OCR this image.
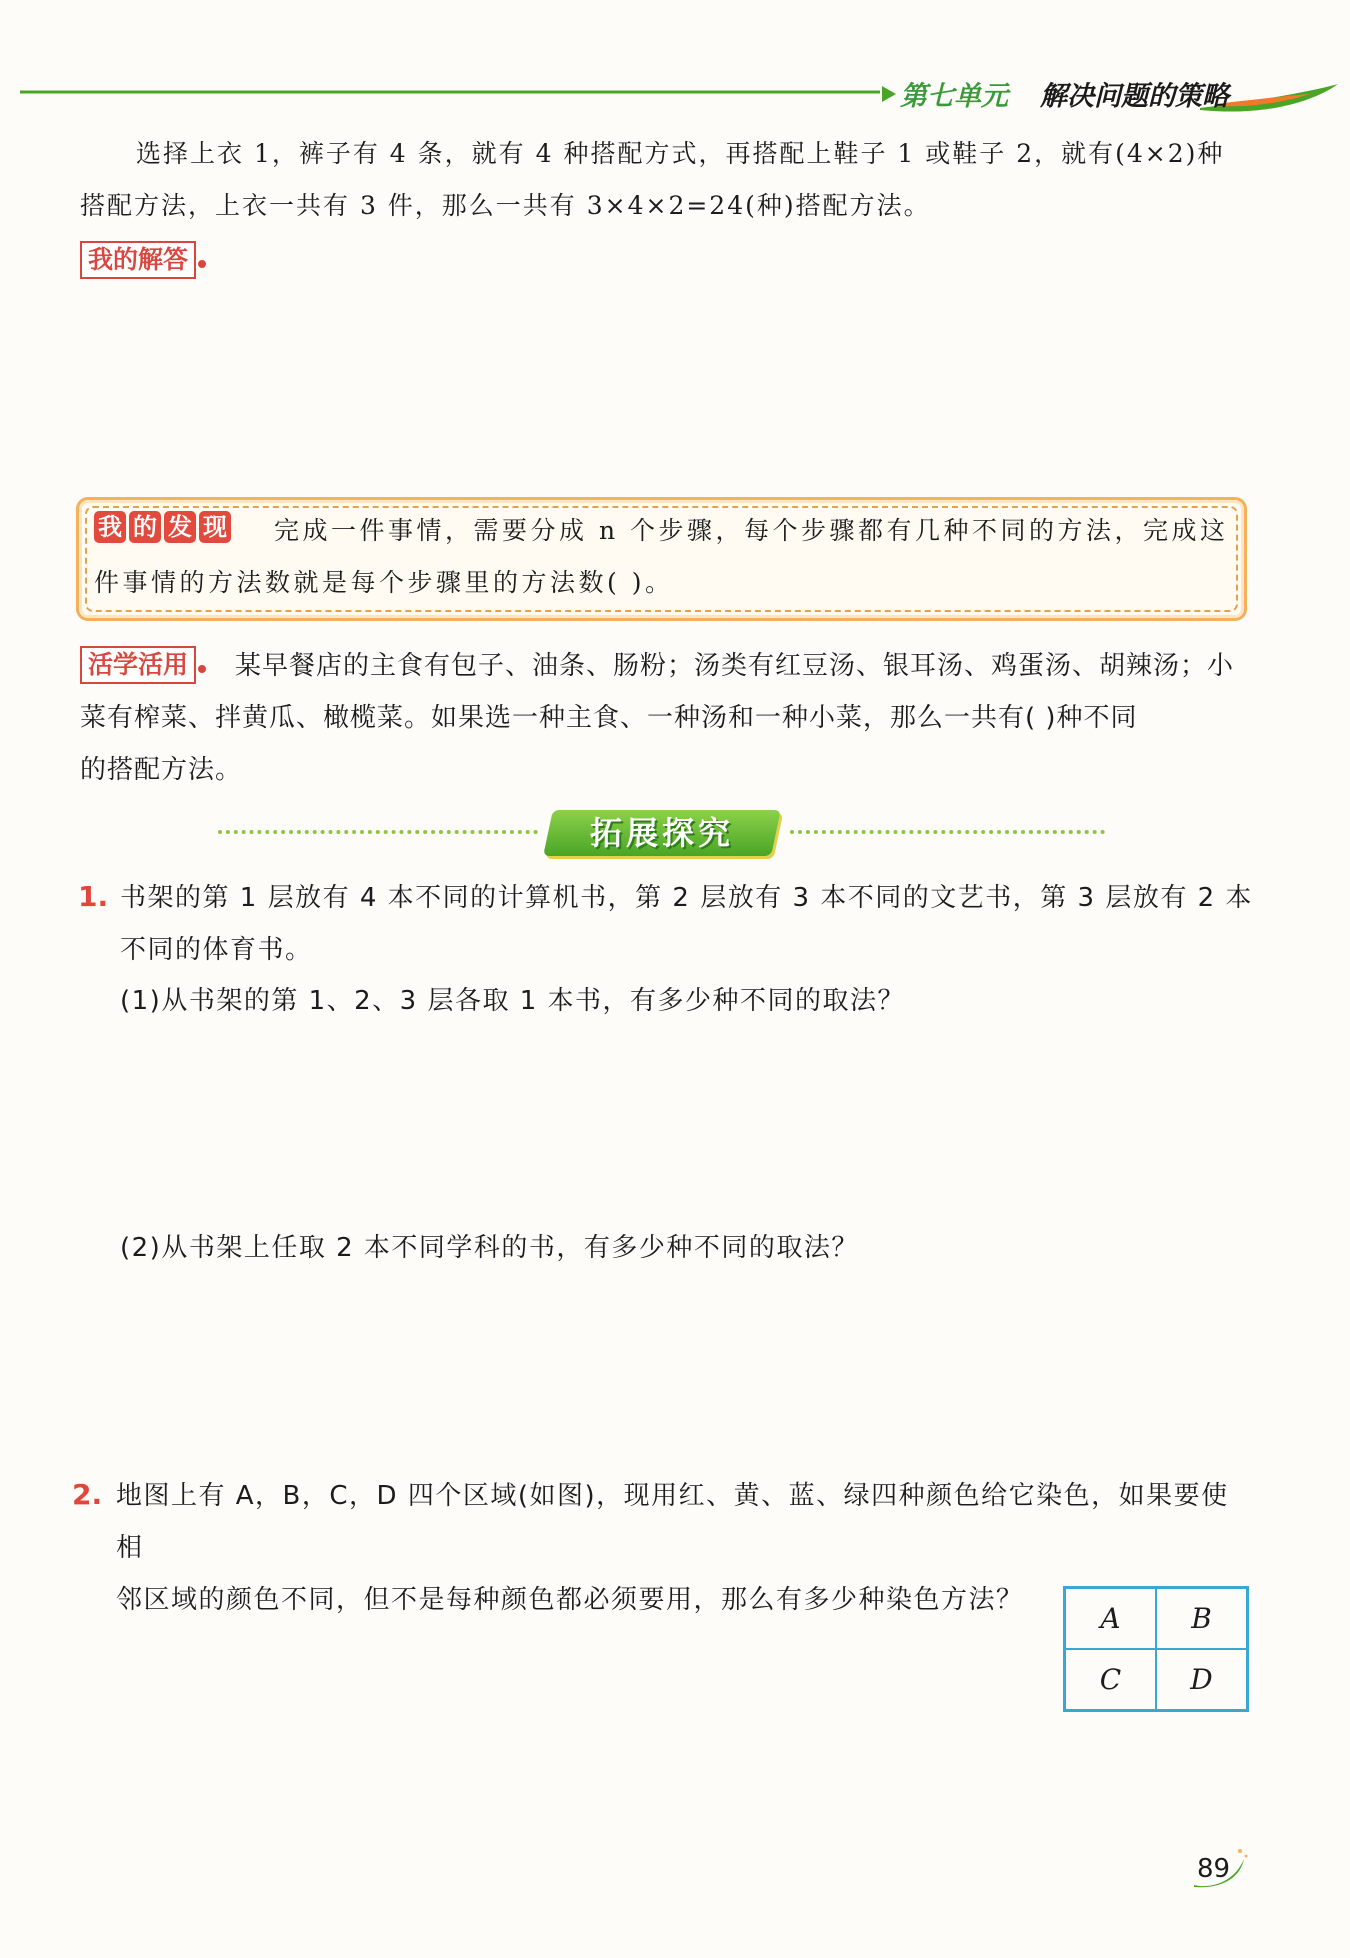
第七单元 解决问题的策略

选择上衣 1，裤子有 4 条，就有 4 种搭配方式，再搭配上鞋子 1 或鞋子 2，就有(4×2)种

搭配方法，上衣一共有 3 件，那么一共有 3×4×2=24(种)搭配方法。

我的解答
我 的 发 现	完成一件事情，需要分成 n 个步骤，每个步骤都有几种不同的方法，完成这
件事情的方法数就是每个步骤里的方法数( )。
活学活用	某早餐店的主食有包子、油条、肠粉；汤类有红豆汤、银耳汤、鸡蛋汤、胡辣汤；小
菜有榨菜、拌黄瓜、橄榄菜。如果选一种主食、一种汤和一种小菜，那么一共有( )种不同
的搭配方法。
拓展探究
1. 书架的第 1 层放有 4 本不同的计算机书，第 2 层放有 3 本不同的文艺书，第 3 层放有 2 本
不同的体育书。
(1)从书架的第 1、2、3 层各取 1 本书，有多少种不同的取法？
(2)从书架上任取 2 本不同学科的书，有多少种不同的取法？
2. 地图上有 A，B，C，D 四个区域(如图)，现用红、黄、蓝、绿四种颜色给它染色，如果要使相
邻区域的颜色不同，但不是每种颜色都必须要用，那么有多少种染色方法？
A	B
C	D
89
